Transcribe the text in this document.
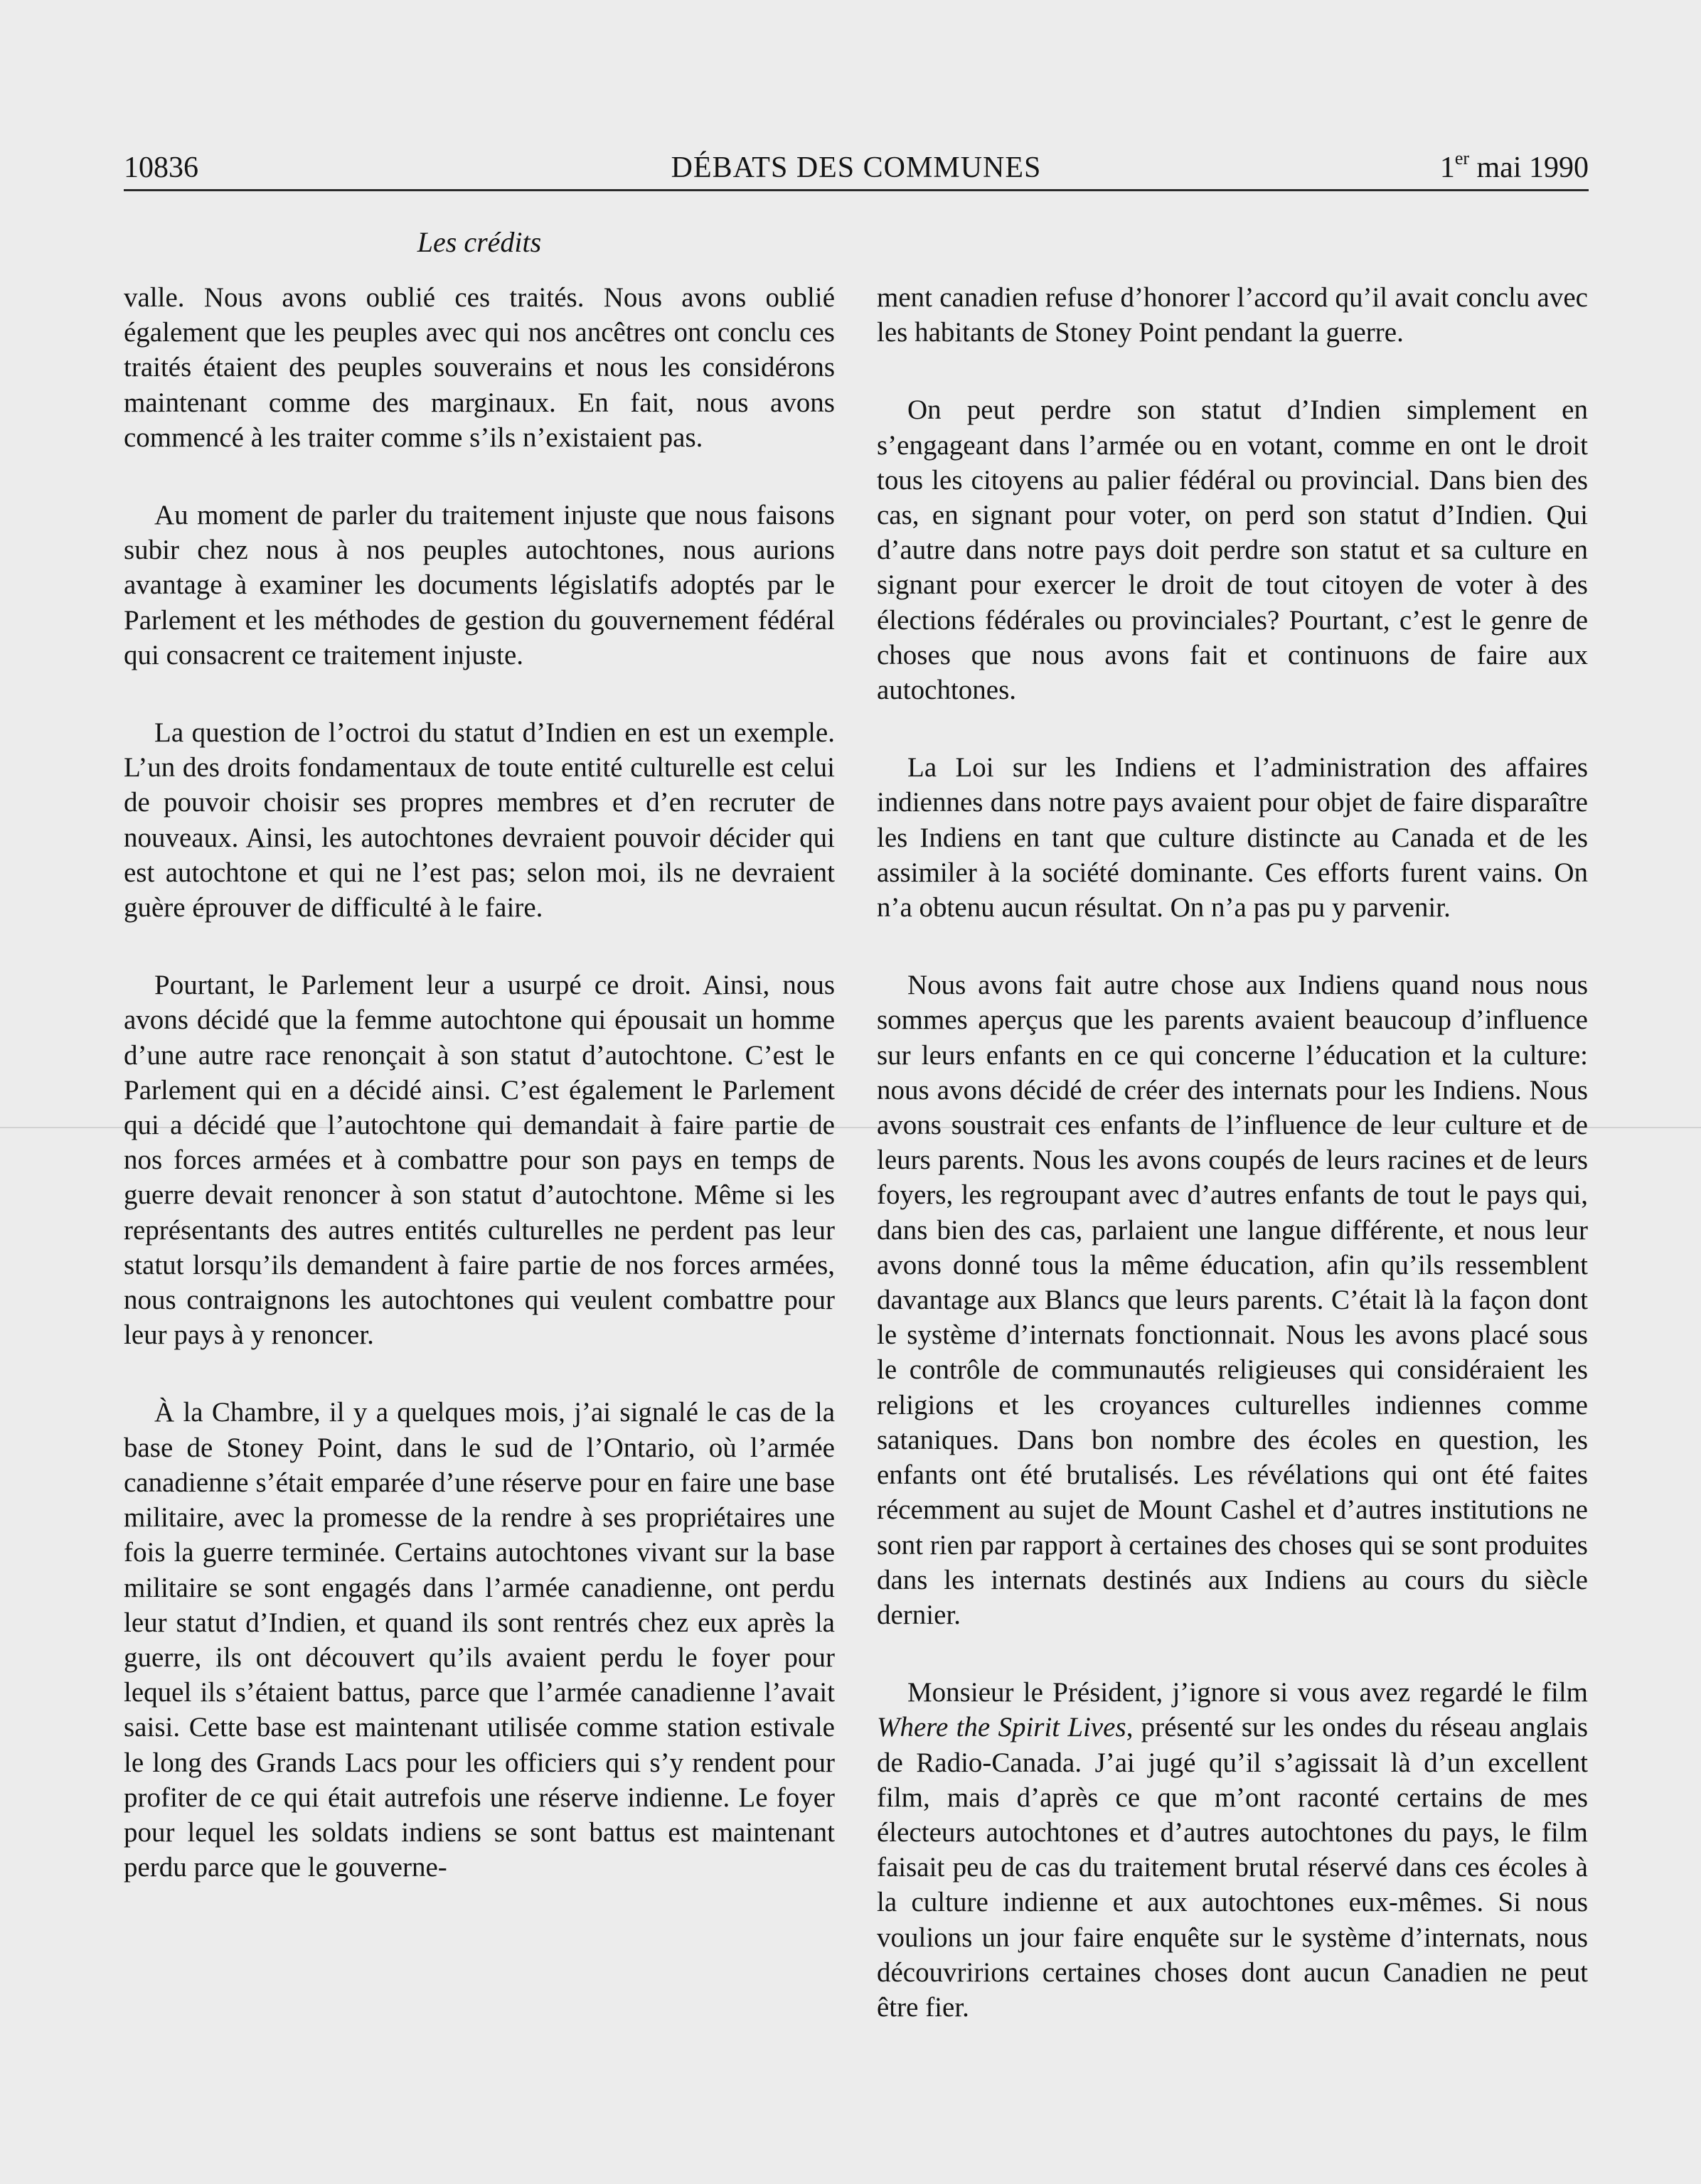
10836	DÉBATS DES COMMUNES	1er mai 1990
Les crédits

valle. Nous avons oublié ces traités. Nous avons oublié également que les peuples avec qui nos ancêtres ont conclu ces traités étaient des peuples souverains et nous les considérons maintenant comme des marginaux. En fait, nous avons commencé à les traiter comme s’ils n’existaient pas.

Au moment de parler du traitement injuste que nous faisons subir chez nous à nos peuples autochtones, nous aurions avantage à examiner les documents législatifs adoptés par le Parlement et les méthodes de gestion du gouvernement fédéral qui consacrent ce traitement injuste.

La question de l’octroi du statut d’Indien en est un exemple. L’un des droits fondamentaux de toute entité culturelle est celui de pouvoir choisir ses propres membres et d’en recruter de nouveaux. Ainsi, les autochtones devraient pouvoir décider qui est autochtone et qui ne l’est pas; selon moi, ils ne devraient guère éprouver de difficulté à le faire.

Pourtant, le Parlement leur a usurpé ce droit. Ainsi, nous avons décidé que la femme autochtone qui épousait un homme d’une autre race renonçait à son statut d’autochtone. C’est le Parlement qui en a décidé ainsi. C’est également le Parlement qui a décidé que l’autochtone qui demandait à faire partie de nos forces armées et à combattre pour son pays en temps de guerre devait renoncer à son statut d’autochtone. Même si les représentants des autres entités culturelles ne perdent pas leur statut lorsqu’ils demandent à faire partie de nos forces armées, nous contraignons les autochtones qui veulent combattre pour leur pays à y renoncer.

À la Chambre, il y a quelques mois, j’ai signalé le cas de la base de Stoney Point, dans le sud de l’Ontario, où l’armée canadienne s’était emparée d’une réserve pour en faire une base militaire, avec la promesse de la rendre à ses propriétaires une fois la guerre terminée. Certains autochtones vivant sur la base militaire se sont engagés dans l’armée canadienne, ont perdu leur statut d’Indien, et quand ils sont rentrés chez eux après la guerre, ils ont découvert qu’ils avaient perdu le foyer pour lequel ils s’étaient battus, parce que l’armée canadienne l’avait saisi. Cette base est maintenant utilisée comme station estivale le long des Grands Lacs pour les officiers qui s’y rendent pour profiter de ce qui était autrefois une réserve indienne. Le foyer pour lequel les soldats indiens se sont battus est maintenant perdu parce que le gouverne-

ment canadien refuse d’honorer l’accord qu’il avait conclu avec les habitants de Stoney Point pendant la guerre.

On peut perdre son statut d’Indien simplement en s’engageant dans l’armée ou en votant, comme en ont le droit tous les citoyens au palier fédéral ou provincial. Dans bien des cas, en signant pour voter, on perd son statut d’Indien. Qui d’autre dans notre pays doit perdre son statut et sa culture en signant pour exercer le droit de tout citoyen de voter à des élections fédérales ou provinciales? Pourtant, c’est le genre de choses que nous avons fait et continuons de faire aux autochtones.

La Loi sur les Indiens et l’administration des affaires indiennes dans notre pays avaient pour objet de faire disparaître les Indiens en tant que culture distincte au Canada et de les assimiler à la société dominante. Ces efforts furent vains. On n’a obtenu aucun résultat. On n’a pas pu y parvenir.

Nous avons fait autre chose aux Indiens quand nous nous sommes aperçus que les parents avaient beaucoup d’influence sur leurs enfants en ce qui concerne l’éducation et la culture: nous avons décidé de créer des internats pour les Indiens. Nous avons soustrait ces enfants de l’influence de leur culture et de leurs parents. Nous les avons coupés de leurs racines et de leurs foyers, les regroupant avec d’autres enfants de tout le pays qui, dans bien des cas, parlaient une langue différente, et nous leur avons donné tous la même éducation, afin qu’ils ressemblent davantage aux Blancs que leurs parents. C’était là la façon dont le système d’internats fonctionnait. Nous les avons placé sous le contrôle de communautés religieuses qui considéraient les religions et les croyances culturelles indiennes comme sataniques. Dans bon nombre des écoles en question, les enfants ont été brutalisés. Les révélations qui ont été faites récemment au sujet de Mount Cashel et d’autres institutions ne sont rien par rapport à certaines des choses qui se sont produites dans les internats destinés aux Indiens au cours du siècle dernier.

Monsieur le Président, j’ignore si vous avez regardé le film Where the Spirit Lives, présenté sur les ondes du réseau anglais de Radio-Canada. J’ai jugé qu’il s’agissait là d’un excellent film, mais d’après ce que m’ont raconté certains de mes électeurs autochtones et d’autres autochtones du pays, le film faisait peu de cas du traitement brutal réservé dans ces écoles à la culture indienne et aux autochtones eux-mêmes. Si nous voulions un jour faire enquête sur le système d’internats, nous découvririons certaines choses dont aucun Canadien ne peut être fier.
